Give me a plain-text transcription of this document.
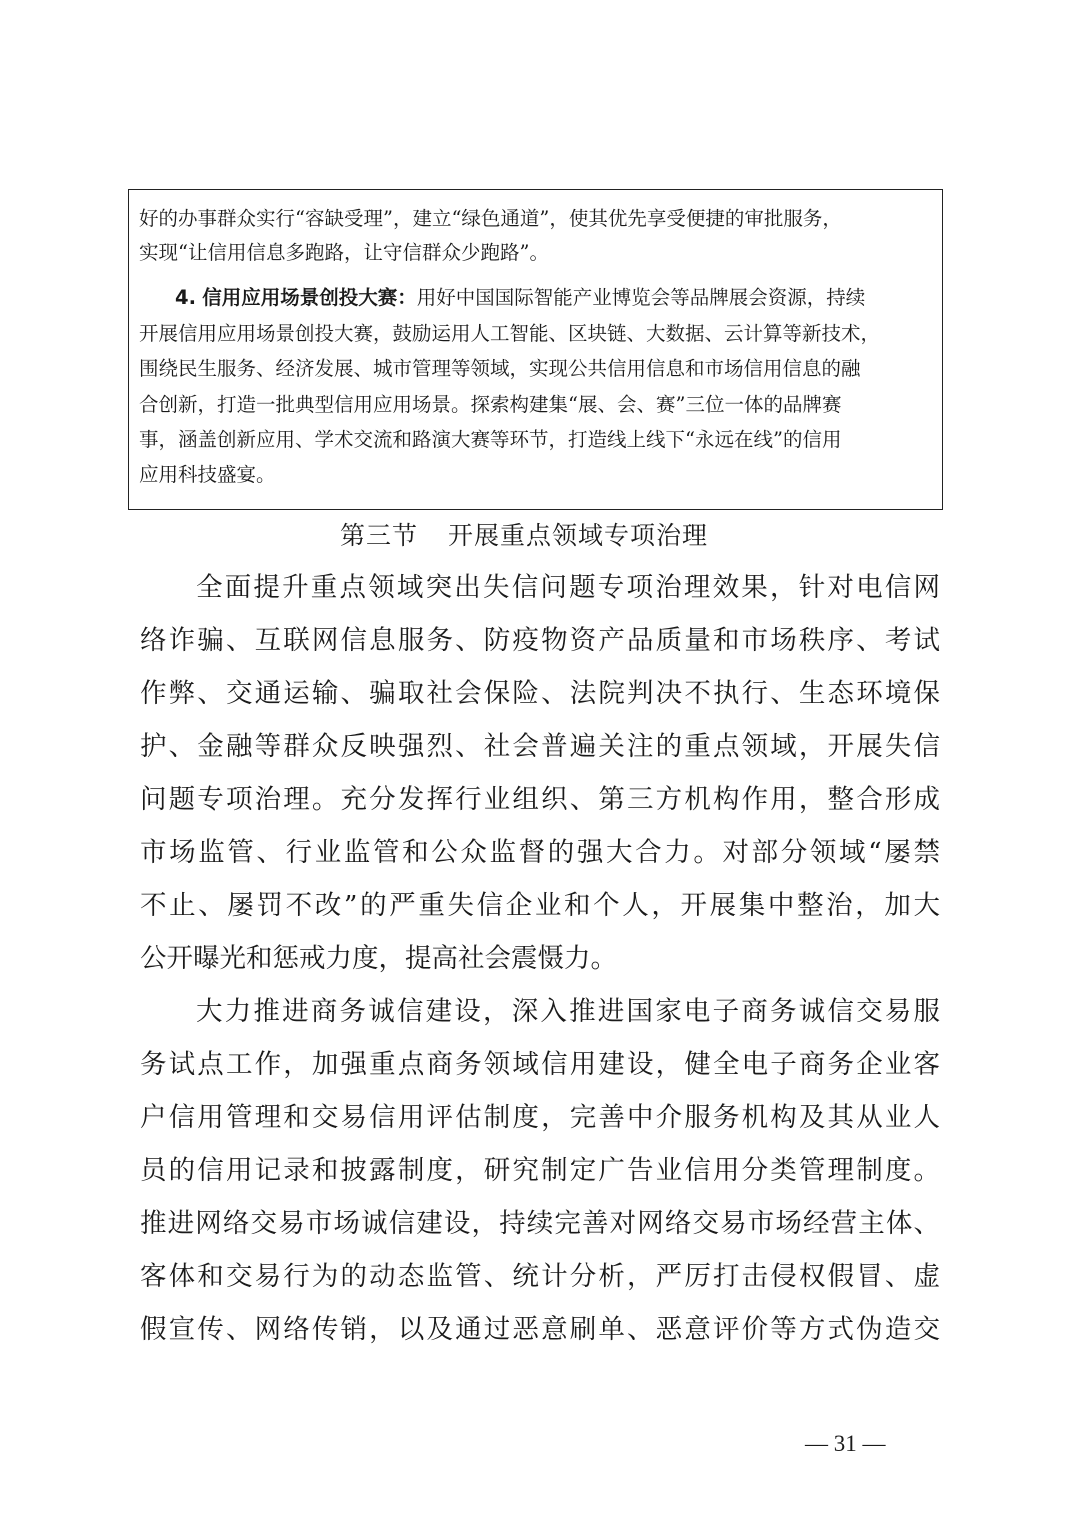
好的办事群众实行“容缺受理”，建立“绿色通道”，使其优先享受便捷的审批服务，
实现“让信用信息多跑路，让守信群众少跑路”。
4. 信用应用场景创投大赛：用好中国国际智能产业博览会等品牌展会资源，持续
开展信用应用场景创投大赛，鼓励运用人工智能、区块链、大数据、云计算等新技术，
围绕民生服务、经济发展、城市管理等领域，实现公共信用信息和市场信用信息的融
合创新，打造一批典型信用应用场景。探索构建集“展、会、赛”三位一体的品牌赛
事，涵盖创新应用、学术交流和路演大赛等环节，打造线上线下“永远在线”的信用
应用科技盛宴。
第三节 开展重点领域专项治理
全面提升重点领域突出失信问题专项治理效果，针对电信网
络诈骗、互联网信息服务、防疫物资产品质量和市场秩序、考试
作弊、交通运输、骗取社会保险、法院判决不执行、生态环境保
护、金融等群众反映强烈、社会普遍关注的重点领域，开展失信
问题专项治理。充分发挥行业组织、第三方机构作用，整合形成
市场监管、行业监管和公众监督的强大合力。对部分领域“屡禁
不止、屡罚不改”的严重失信企业和个人，开展集中整治，加大
公开曝光和惩戒力度，提高社会震慑力。
大力推进商务诚信建设，深入推进国家电子商务诚信交易服
务试点工作，加强重点商务领域信用建设，健全电子商务企业客
户信用管理和交易信用评估制度，完善中介服务机构及其从业人
员的信用记录和披露制度，研究制定广告业信用分类管理制度。
推进网络交易市场诚信建设，持续完善对网络交易市场经营主体、
客体和交易行为的动态监管、统计分析，严厉打击侵权假冒、虚
假宣传、网络传销，以及通过恶意刷单、恶意评价等方式伪造交
— 31 —
